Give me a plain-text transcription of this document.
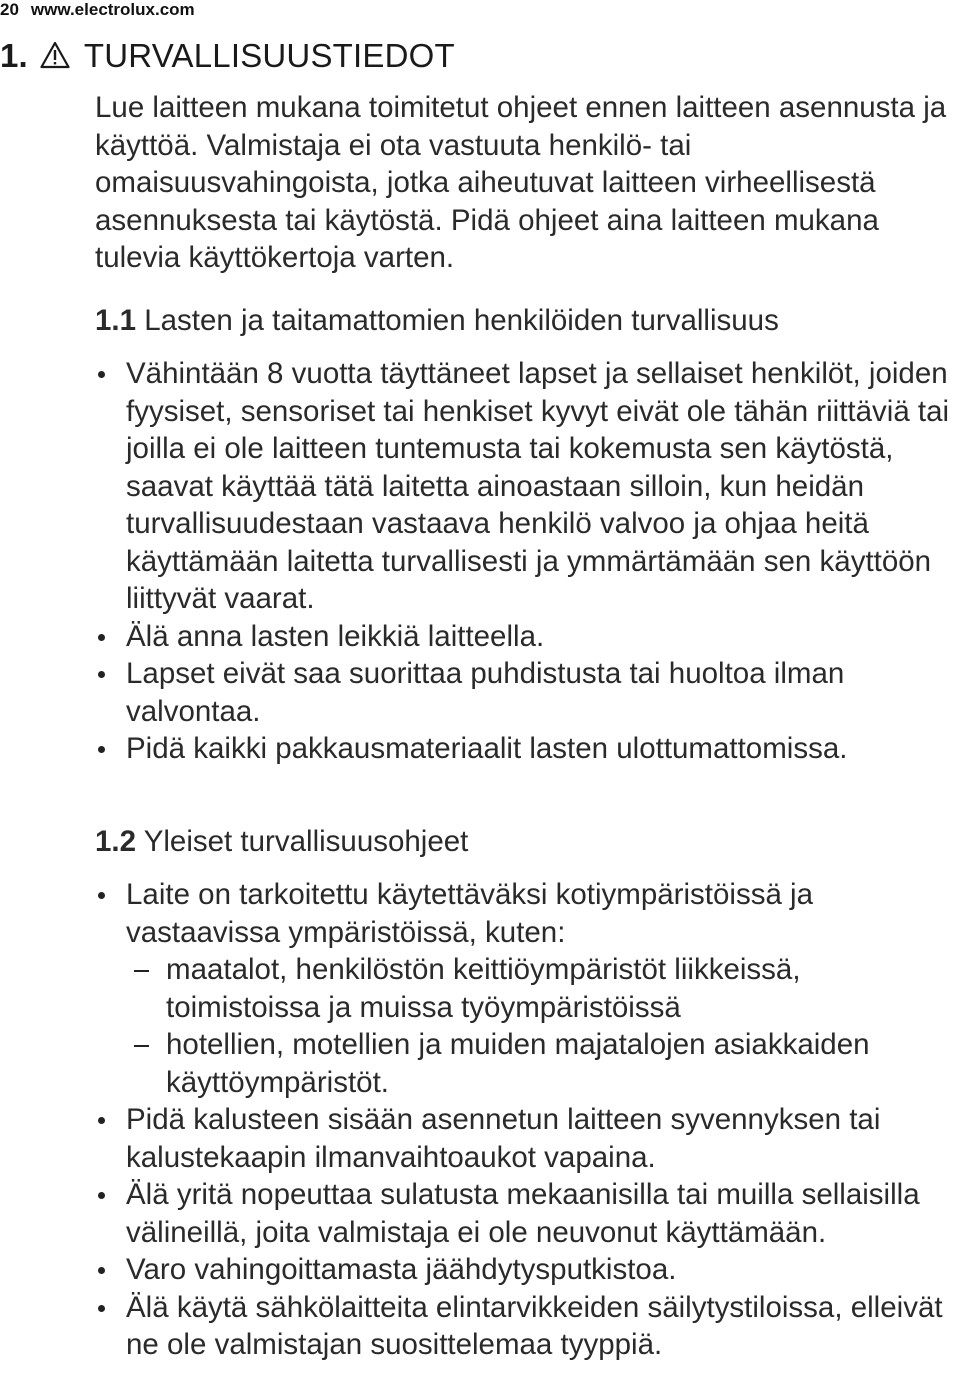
20 www.electrolux.com
1. TURVALLISUUSTIEDOT
Lue laitteen mukana toimitetut ohjeet ennen laitteen asennusta ja käyttöä. Valmistaja ei ota vastuuta henkilö- tai omaisuusvahingoista, jotka aiheutuvat laitteen virheellisestä asennuksesta tai käytöstä. Pidä ohjeet aina laitteen mukana tulevia käyttökertoja varten.
1.1 Lasten ja taitamattomien henkilöiden turvallisuus
Vähintään 8 vuotta täyttäneet lapset ja sellaiset henkilöt, joiden fyysiset, sensoriset tai henkiset kyvyt eivät ole tähän riittäviä tai joilla ei ole laitteen tuntemusta tai kokemusta sen käytöstä, saavat käyttää tätä laitetta ainoastaan silloin, kun heidän turvallisuudestaan vastaava henkilö valvoo ja ohjaa heitä käyttämään laitetta turvallisesti ja ymmärtämään sen käyttöön liittyvät vaarat.
Älä anna lasten leikkiä laitteella.
Lapset eivät saa suorittaa puhdistusta tai huoltoa ilman valvontaa.
Pidä kaikki pakkausmateriaalit lasten ulottumattomissa.
1.2 Yleiset turvallisuusohjeet
Laite on tarkoitettu käytettäväksi kotiympäristöissä ja vastaavissa ympäristöissä, kuten:
maatalot, henkilöstön keittiöympäristöt liikkeissä, toimistoissa ja muissa työympäristöissä
hotellien, motellien ja muiden majatalojen asiakkaiden käyttöympäristöt.
Pidä kalusteen sisään asennetun laitteen syvennyksen tai kalustekaapin ilmanvaihtoaukot vapaina.
Älä yritä nopeuttaa sulatusta mekaanisilla tai muilla sellaisilla välineillä, joita valmistaja ei ole neuvonut käyttämään.
Varo vahingoittamasta jäähdytysputkistoa.
Älä käytä sähkölaitteita elintarvikkeiden säilytystiloissa, elleivät ne ole valmistajan suosittelemaa tyyppiä.
